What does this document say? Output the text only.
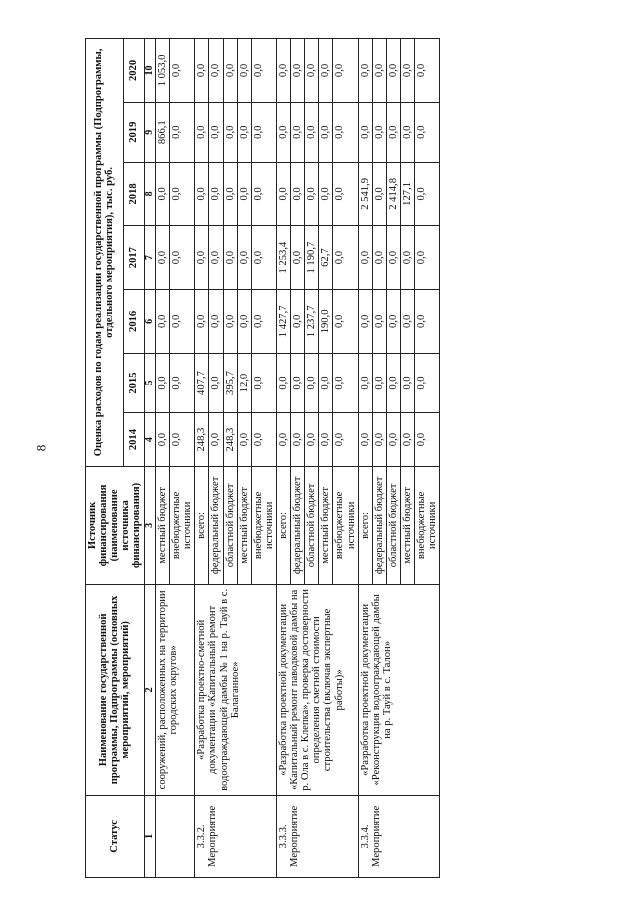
8
Статус	Наименование государственной программы, Подпрограммы (основных мероприятий, мероприятий)	Источник финансирования (наименование источника финансирования)	Оценка расходов по годам реализации государственной программы (Подпрограммы, отдельного мероприятия), тыс. руб.						
			2014	2015	2016	2017	2018	2019	2020
1	2	3	4	5	6	7	8	9	10

	сооружений, расположенных на территории городских округов»	местный бюджет	0,0	0,0	0,0	0,0	0,0	866,1	1 053,0
		внебюджетные источники	0,0	0,0	0,0	0,0	0,0	0,0	0,0

3.3.2. Мероприятие	«Разработка проектно-сметной документации «Капитальный ремонт водоограждающей дамбы № 1 на р. Тауй в с. Балаганное»	всего:	248,3	407,7	0,0	0,0	0,0	0,0	0,0
		федеральный бюджет	0,0	0,0	0,0	0,0	0,0	0,0	0,0
		областной бюджет	248,3	395,7	0,0	0,0	0,0	0,0	0,0
		местный бюджет	0,0	12,0	0,0	0,0	0,0	0,0	0,0
		внебюджетные источники	0,0	0,0	0,0	0,0	0,0	0,0	0,0

3.3.3. Мероприятие	«Разработка проектной документации «Капитальный ремонт паводковой дамбы на р. Ола в с. Клепка», проверка достоверности определения сметной стоимости строительства (включая экспертные работы)»	всего:	0,0	0,0	1 427,7	1 253,4	0,0	0,0	0,0
		федеральный бюджет	0,0	0,0	0,0	0,0	0,0	0,0	0,0
		областной бюджет	0,0	0,0	1 237,7	1 190,7	0,0	0,0	0,0
		местный бюджет	0,0	0,0	190,0	62,7	0,0	0,0	0,0
		внебюджетные источники	0,0	0,0	0,0	0,0	0,0	0,0	0,0

3.3.4. Мероприятие	«Разработка проектной документации «Реконструкция водоограждающей дамбы на р. Тауй в с. Талон»	всего:	0,0	0,0	0,0	0,0	2 541,9	0,0	0,0
		федеральный бюджет	0,0	0,0	0,0	0,0	0,0	0,0	0,0
		областной бюджет	0,0	0,0	0,0	0,0	2 414,8	0,0	0,0
		местный бюджет	0,0	0,0	0,0	0,0	127,1	0,0	0,0
		внебюджетные источники	0,0	0,0	0,0	0,0	0,0	0,0	0,0
